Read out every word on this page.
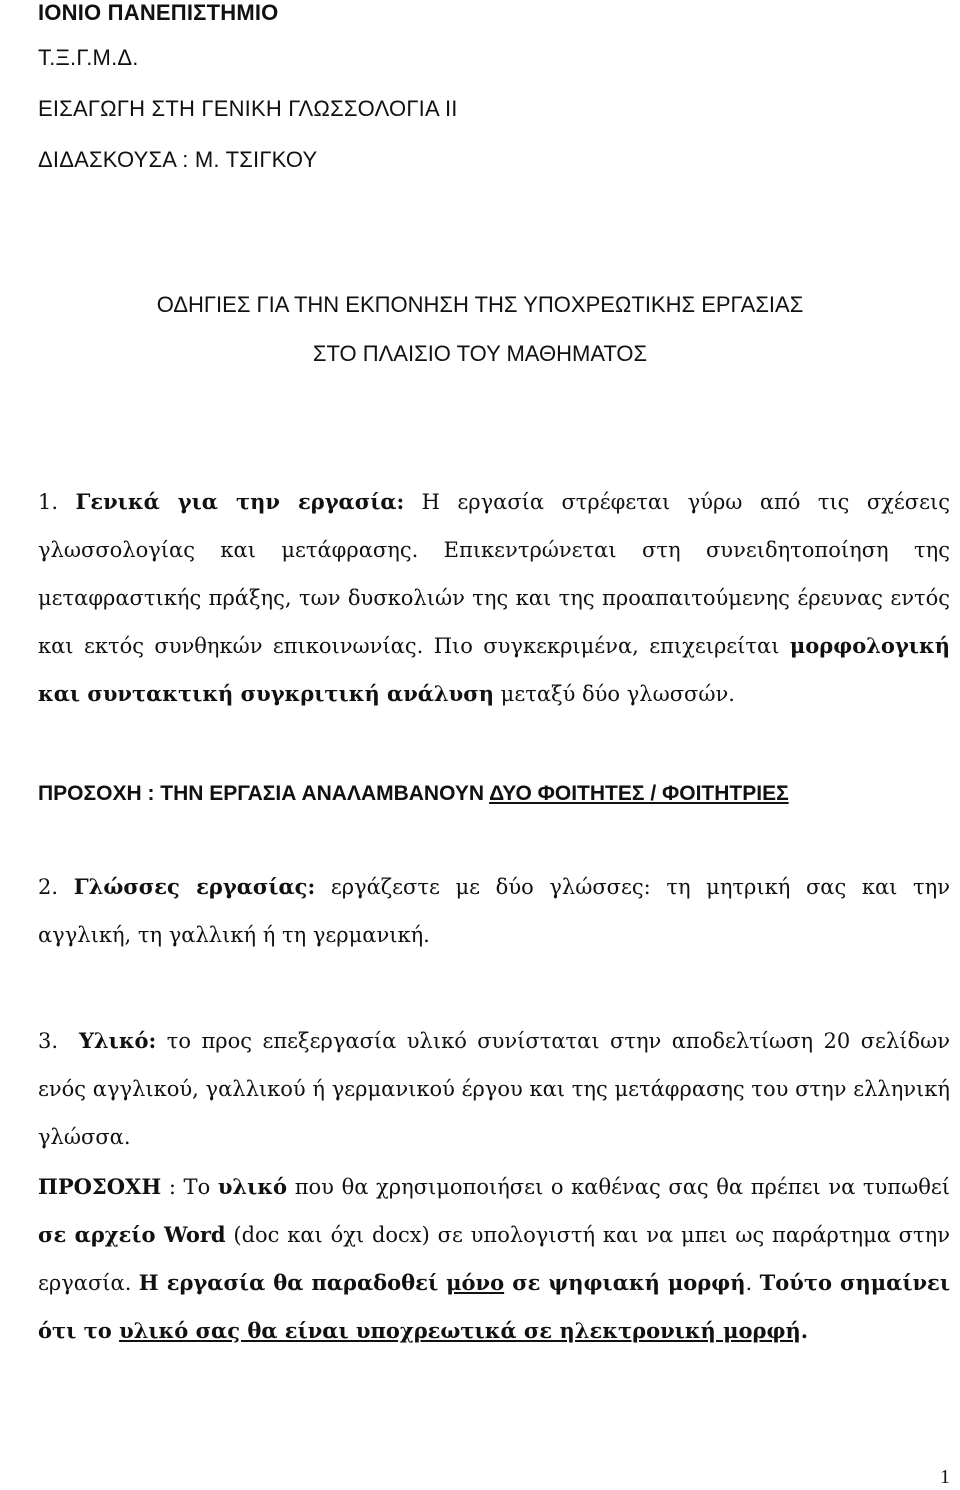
ΙΟΝΙΟ ΠΑΝΕΠΙΣΤΗΜΙΟ
Τ.Ξ.Γ.Μ.Δ.
ΕΙΣΑΓΩΓΗ ΣΤΗ ΓΕΝΙΚΗ ΓΛΩΣΣΟΛΟΓΙΑ ΙΙ
ΔΙΔΑΣΚΟΥΣΑ : Μ. ΤΣΙΓΚΟΥ
ΟΔΗΓΙΕΣ ΓΙΑ ΤΗΝ ΕΚΠΟΝΗΣΗ ΤΗΣ ΥΠΟΧΡΕΩΤΙΚΗΣ ΕΡΓΑΣΙΑΣ
ΣΤΟ ΠΛΑΙΣΙΟ ΤΟΥ ΜΑΘΗΜΑΤΟΣ
1. Γενικά για την εργασία: Η εργασία στρέφεται γύρω από τις σχέσεις γλωσσολογίας και μετάφρασης. Επικεντρώνεται στη συνειδητοποίηση της μεταφραστικής πράξης, των δυσκολιών της και της προαπαιτούμενης έρευνας εντός και εκτός συνθηκών επικοινωνίας. Πιο συγκεκριμένα, επιχειρείται μορφολογική και συντακτική συγκριτική ανάλυση μεταξύ δύο γλωσσών.
ΠΡΟΣΟΧΗ : ΤΗΝ ΕΡΓΑΣΙΑ ΑΝΑΛΑΜΒΑΝΟΥΝ ΔΥΟ ΦΟΙΤΗΤΕΣ / ΦΟΙΤΗΤΡΙΕΣ
2. Γλώσσες εργασίας: εργάζεστε με δύο γλώσσες: τη μητρική σας και την αγγλική, τη γαλλική ή τη γερμανική.
3. Υλικό: το προς επεξεργασία υλικό συνίσταται στην αποδελτίωση 20 σελίδων ενός αγγλικού, γαλλικού ή γερμανικού έργου και της μετάφρασης του στην ελληνική γλώσσα.
ΠΡΟΣΟΧΗ : Το υλικό που θα χρησιμοποιήσει ο καθένας σας θα πρέπει να τυπωθεί σε αρχείο Word (doc και όχι docx) σε υπολογιστή και να μπει ως παράρτημα στην εργασία. Η εργασία θα παραδοθεί μόνο σε ψηφιακή μορφή. Τούτο σημαίνει ότι το υλικό σας θα είναι υποχρεωτικά σε ηλεκτρονική μορφή.
1
